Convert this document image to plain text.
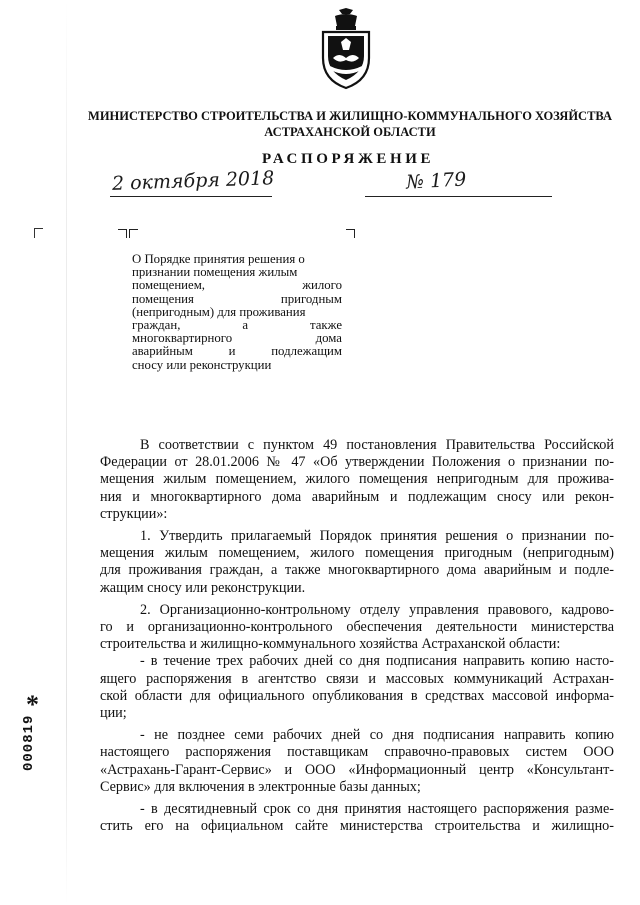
МИНИСТЕРСТВО СТРОИТЕЛЬСТВА И ЖИЛИЩНО-КОММУНАЛЬНОГО ХОЗЯЙСТВА
АСТРАХАНСКОЙ ОБЛАСТИ
РАСПОРЯЖЕНИЕ
2 октября 2018	№ 179
О Порядке принятия решения о
признании помещения жилым
помещением, жилого
помещения пригодным
(непригодным) для проживания
граждан, а также
многоквартирного дома
аварийным и подлежащим
сносу или реконструкции

В соответствии с пунктом 49 постановления Правительства Российской
Федерации от 28.01.2006 № 47 «Об утверждении Положения о признании по-
мещения жилым помещением, жилого помещения непригодным для прожива-
ния и многоквартирного дома аварийным и подлежащим сносу или рекон-
струкции»:

1. Утвердить прилагаемый Порядок принятия решения о признании по-
мещения жилым помещением, жилого помещения пригодным (непригодным)
для проживания граждан, а также многоквартирного дома аварийным и подле-
жащим сносу или реконструкции.

2. Организационно-контрольному отделу управления правового, кадрово-
го и организационно-контрольного обеспечения деятельности министерства
строительства и жилищно-коммунального хозяйства Астраханской области:

- в течение трех рабочих дней со дня подписания направить копию настo-
ящего распоряжения в агентство связи и массовых коммуникаций Астрахан-
ской области для официального опубликования в средствах массовой информа-
ции;

- не позднее семи рабочих дней со дня подписания направить копию
настоящего распоряжения поставщикам справочно-правовых систем ООО
«Астрахань-Гарант-Сервис» и ООО «Информационный центр «Консультант-
Сервис» для включения в электронные базы данных;

- в десятидневный срок со дня принятия настоящего распоряжения разме-
стить его на официальном сайте министерства строительства и жилищно-

*
000819
